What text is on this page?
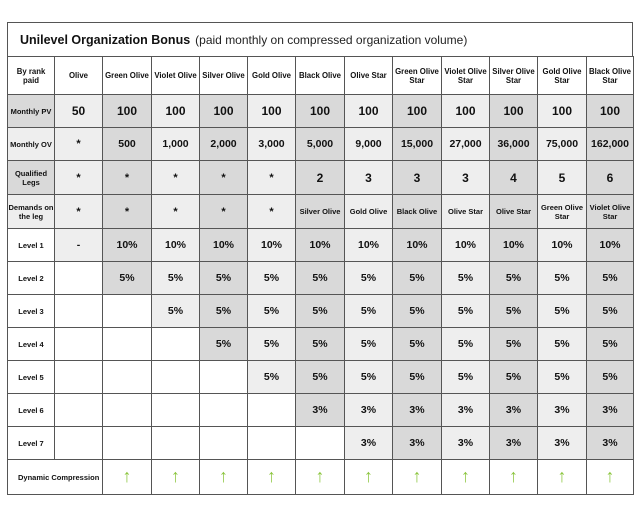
Unilevel Organization Bonus (paid monthly on compressed organization volume)
By rank paid	Olive	Green Olive	Violet Olive	Silver Olive	Gold Olive	Black Olive	Olive Star	Green Olive Star	Violet Olive Star	Silver Olive Star	Gold Olive Star	Black Olive Star
Monthly PV	50	100	100	100	100	100	100	100	100	100	100	100
Monthly OV	*	500	1,000	2,000	3,000	5,000	9,000	15,000	27,000	36,000	75,000	162,000
Qualified Legs	*	*	*	*	*	2	3	3	3	4	5	6
Demands on the leg	*	*	*	*	*	Silver Olive	Gold Olive	Black Olive	Olive Star	Olive Star	Green Olive Star	Violet Olive Star
Level 1	-	10%	10%	10%	10%	10%	10%	10%	10%	10%	10%	10%
Level 2		5%	5%	5%	5%	5%	5%	5%	5%	5%	5%	5%
Level 3			5%	5%	5%	5%	5%	5%	5%	5%	5%	5%
Level 4				5%	5%	5%	5%	5%	5%	5%	5%	5%
Level 5					5%	5%	5%	5%	5%	5%	5%	5%
Level 6						3%	3%	3%	3%	3%	3%	3%
Level 7							3%	3%	3%	3%	3%	3%
Dynamic Compression		↑	↑	↑	↑	↑	↑	↑	↑	↑	↑	↑
